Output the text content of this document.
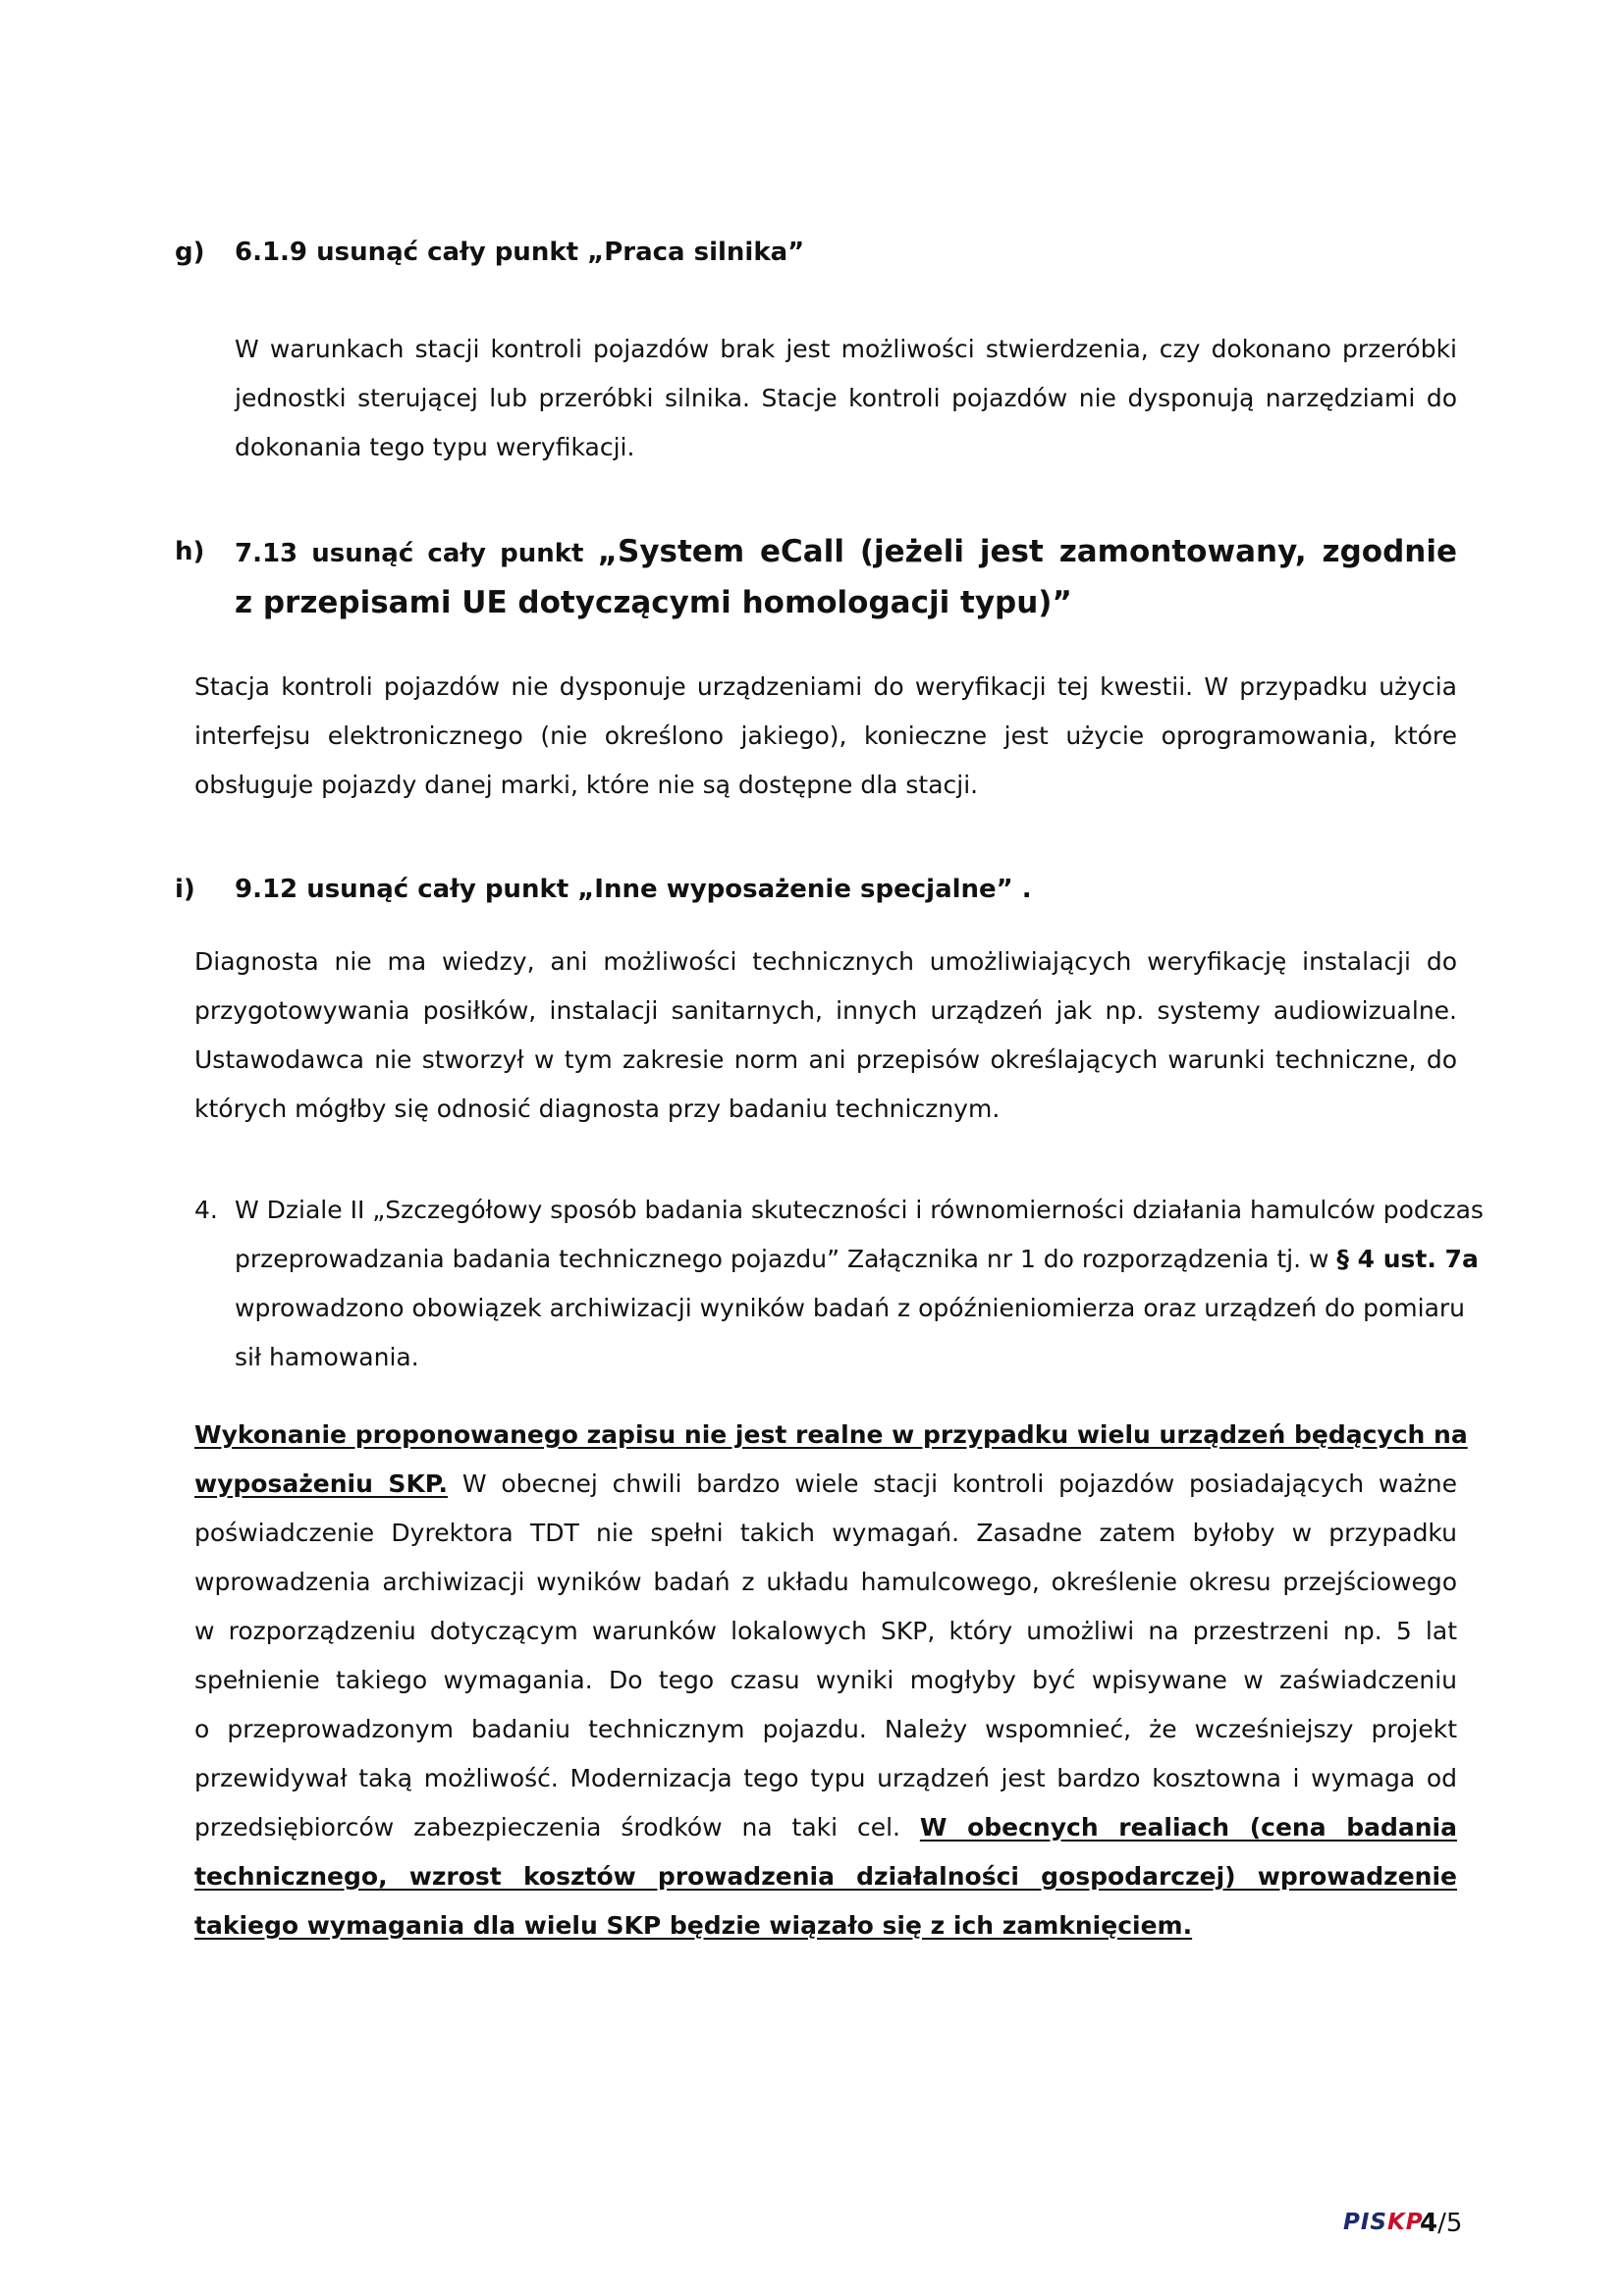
g) 6.1.9 usunąć cały punkt „Praca silnika”
W warunkach stacji kontroli pojazdów brak jest możliwości stwierdzenia, czy dokonano przeróbki
jednostki sterującej lub przeróbki silnika. Stacje kontroli pojazdów nie dysponują narzędziami do
dokonania tego typu weryfikacji.
h) 7.13 usunąć cały punkt „System eCall (jeżeli jest zamontowany, zgodnie
z przepisami UE dotyczącymi homologacji typu)”
Stacja kontroli pojazdów nie dysponuje urządzeniami do weryfikacji tej kwestii. W przypadku użycia
interfejsu elektronicznego (nie określono jakiego), konieczne jest użycie oprogramowania, które
obsługuje pojazdy danej marki, które nie są dostępne dla stacji.
i) 9.12 usunąć cały punkt „Inne wyposażenie specjalne” .
Diagnosta nie ma wiedzy, ani możliwości technicznych umożliwiających weryfikację instalacji do
przygotowywania posiłków, instalacji sanitarnych, innych urządzeń jak np. systemy audiowizualne.
Ustawodawca nie stworzył w tym zakresie norm ani przepisów określających warunki techniczne, do
których mógłby się odnosić diagnosta przy badaniu technicznym.
4. W Dziale II „Szczegółowy sposób badania skuteczności i równomierności działania hamulców podczas
przeprowadzania badania technicznego pojazdu” Załącznika nr 1 do rozporządzenia tj. w § 4 ust. 7a
wprowadzono obowiązek archiwizacji wyników badań z opóźnieniomierza oraz urządzeń do pomiaru
sił hamowania.
Wykonanie proponowanego zapisu nie jest realne w przypadku wielu urządzeń będących na
wyposażeniu SKP. W obecnej chwili bardzo wiele stacji kontroli pojazdów posiadających ważne
poświadczenie Dyrektora TDT nie spełni takich wymagań. Zasadne zatem byłoby w przypadku
wprowadzenia archiwizacji wyników badań z układu hamulcowego, określenie okresu przejściowego
w rozporządzeniu dotyczącym warunków lokalowych SKP, który umożliwi na przestrzeni np. 5 lat
spełnienie takiego wymagania. Do tego czasu wyniki mogłyby być wpisywane w zaświadczeniu
o przeprowadzonym badaniu technicznym pojazdu. Należy wspomnieć, że wcześniejszy projekt
przewidywał taką możliwość. Modernizacja tego typu urządzeń jest bardzo kosztowna i wymaga od
przedsiębiorców zabezpieczenia środków na taki cel. W obecnych realiach (cena badania
technicznego, wzrost kosztów prowadzenia działalności gospodarczej) wprowadzenie
takiego wymagania dla wielu SKP będzie wiązało się z ich zamknięciem.
PISKP
4/5
